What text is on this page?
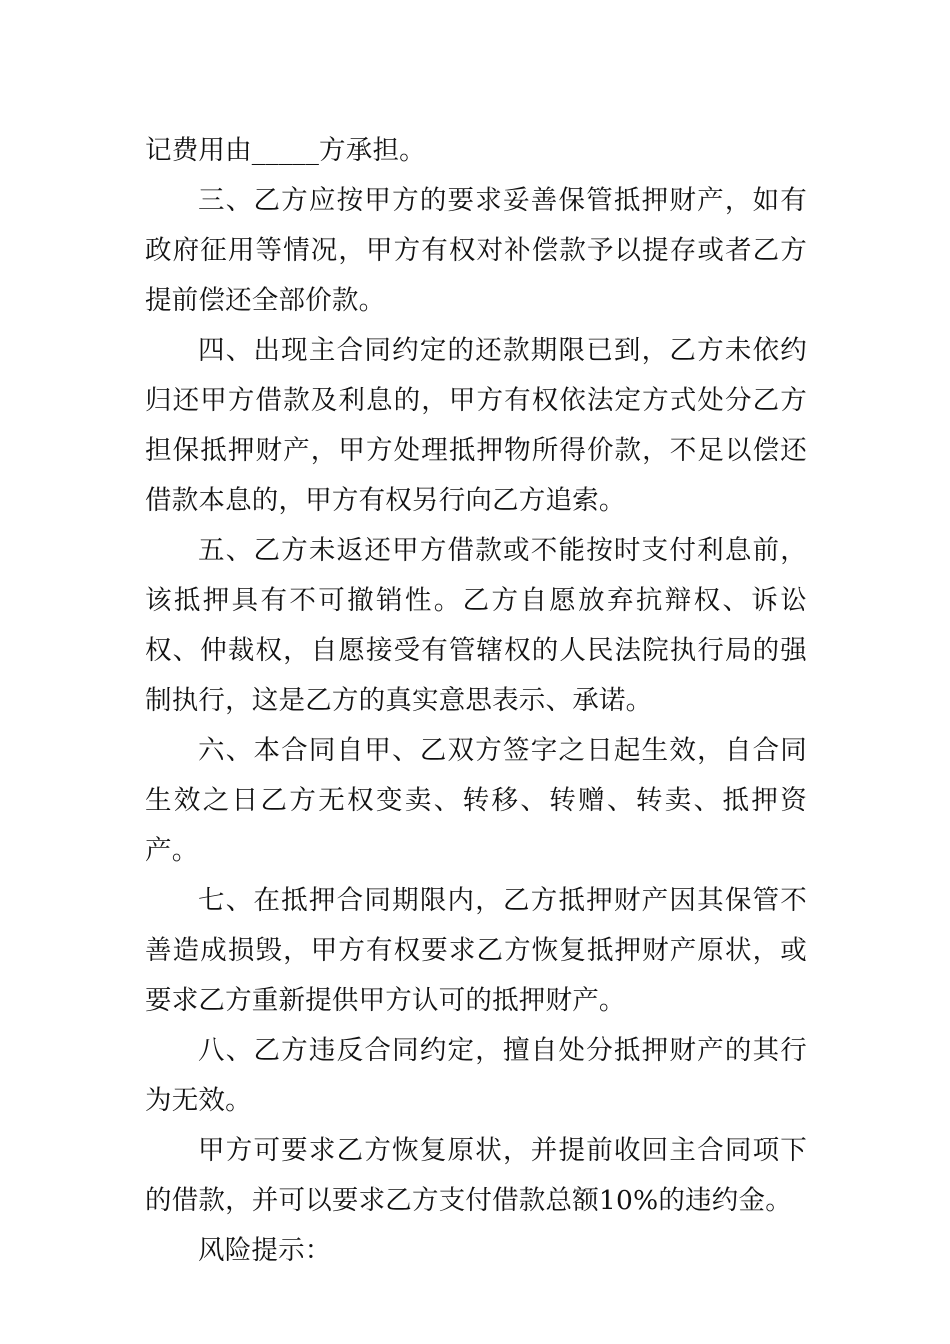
记费用由_____方承担。

三、乙方应按甲方的要求妥善保管抵押财产，如有政府征用等情况，甲方有权对补偿款予以提存或者乙方提前偿还全部价款。

四、出现主合同约定的还款期限已到，乙方未依约归还甲方借款及利息的，甲方有权依法定方式处分乙方担保抵押财产，甲方处理抵押物所得价款，不足以偿还借款本息的，甲方有权另行向乙方追索。

五、乙方未返还甲方借款或不能按时支付利息前，该抵押具有不可撤销性。乙方自愿放弃抗辩权、诉讼权、仲裁权，自愿接受有管辖权的人民法院执行局的强制执行，这是乙方的真实意思表示、承诺。

六、本合同自甲、乙双方签字之日起生效，自合同生效之日乙方无权变卖、转移、转赠、转卖、抵押资产。

七、在抵押合同期限内，乙方抵押财产因其保管不善造成损毁，甲方有权要求乙方恢复抵押财产原状，或要求乙方重新提供甲方认可的抵押财产。

八、乙方违反合同约定，擅自处分抵押财产的其行为无效。

甲方可要求乙方恢复原状，并提前收回主合同项下的借款，并可以要求乙方支付借款总额10%的违约金。

风险提示：
